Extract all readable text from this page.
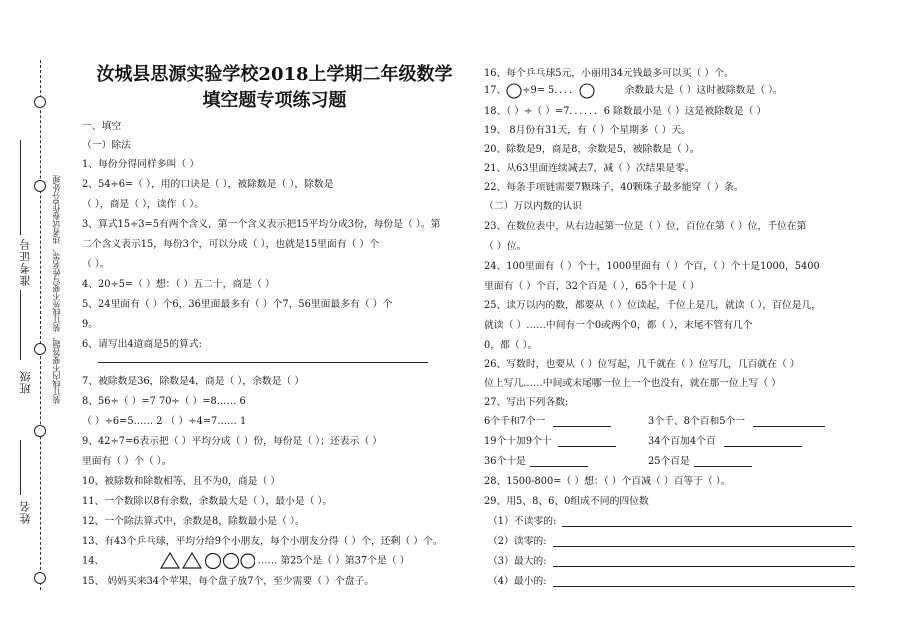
准考证号
班级
姓名
装订线内不要答题，装订线外不要写姓名等，违者试卷作0分处理
汝城县思源实验学校2018上学期二年级数学
填空题专项练习题
一、填空
（一）除法
1、每份分得同样多叫（ ）
2、54÷6=（ ），用的口诀是（ ），被除数是（ ），除数是
（ ），商是（ ），读作（ ）。
3、算式15÷3=5有两个含义，第一个含义表示把15平均分成3份，每份是（ ）。第
二个含义表示15，每份3个，可以分成（ ），也就是15里面有（ ）个
（ ）。
4、20÷5=（ ）想：（ ）五二十，商是（ ）
5、24里面有（ ）个6，36里面最多有（ ）个7，56里面最多有（ ）个
9。
6、请写出4道商是5的算式:
7、被除数是36，除数是4，商是（ ），余数是（ ）
8、56÷（ ）=7 70÷（ ）=8…… 6
（ ）÷6=5…… 2 （ ）÷4=7…… 1
9、42÷7=6表示把（ ）平均分成（ ）份，每份是（ ）；还表示（ ）
里面有（ ）个（ ）。
10、被除数和除数相等，且不为0，商是（ ）
11、一个数除以8有余数，余数最大是（ ），最小是（ ）。
12、一个除法算式中，余数是8，除数最小是（ ）。
13、有43个乒乓球，平均分给9个小朋友，每个小朋友分得（ ）个，还剩（ ）个。
14、	…… 第25个是（ ）第37个是（ ）
15、 妈妈买来34个苹果，每个盘子放7个，至少需要（ ）个盘子。
16、每个乒乓球5元，小丽用34元钱最多可以买（ ）个。
17、 ÷9= 5．．．．	余数最大是（ ）这时被除数是（ ）。
18、（ ）÷（ ）=7．．．．．．6 除数最小是（ ）这是被除数是（ ）
19、 8月份有31天，有（ ）个星期多（ ）天。
20、除数是9，商是8，余数是5，被除数是（ ）。
21、从63里面连续减去7，减（ ）次结果是零。
22、每条手项链需要7颗珠子，40颗珠子最多能穿（ ）条。
（二）万以内数的认识
23、在数位表中，从右边起第一位是（ ）位，百位在第（ ）位，千位在第
（ ）位。
24、100里面有（ ）个十，1000里面有（ ）个百，（ ）个十是1000，5400
里面有（ ）个百，32个百是（ ），65个十是（ ）
25、读万以内的数，都要从（ ）位读起，千位上是几，就读（ ），百位是几，
就读（ ）……中间有一个0或两个0，都（ ），末尾不管有几个
0，都（ ）。
26、写数时，也要从（ ）位写起，几千就在（ ）位写几，几百就在（ ）
位上写几……中间或末尾哪一位上一个也没有，就在那一位上写（ ）
27、写出下列各数:
6个千和7个一	3个千、8个百和5个一
19个十加9个十	34个百加4个百
36个十是	25个百是
28、1500-800=（ ）想：（ ）个百减（ ）百等于（ ）。
29、用5、8、6、0组成不同的四位数
（1）不读零的:
（2）读零的:
（3）最大的:
（4）最小的:
